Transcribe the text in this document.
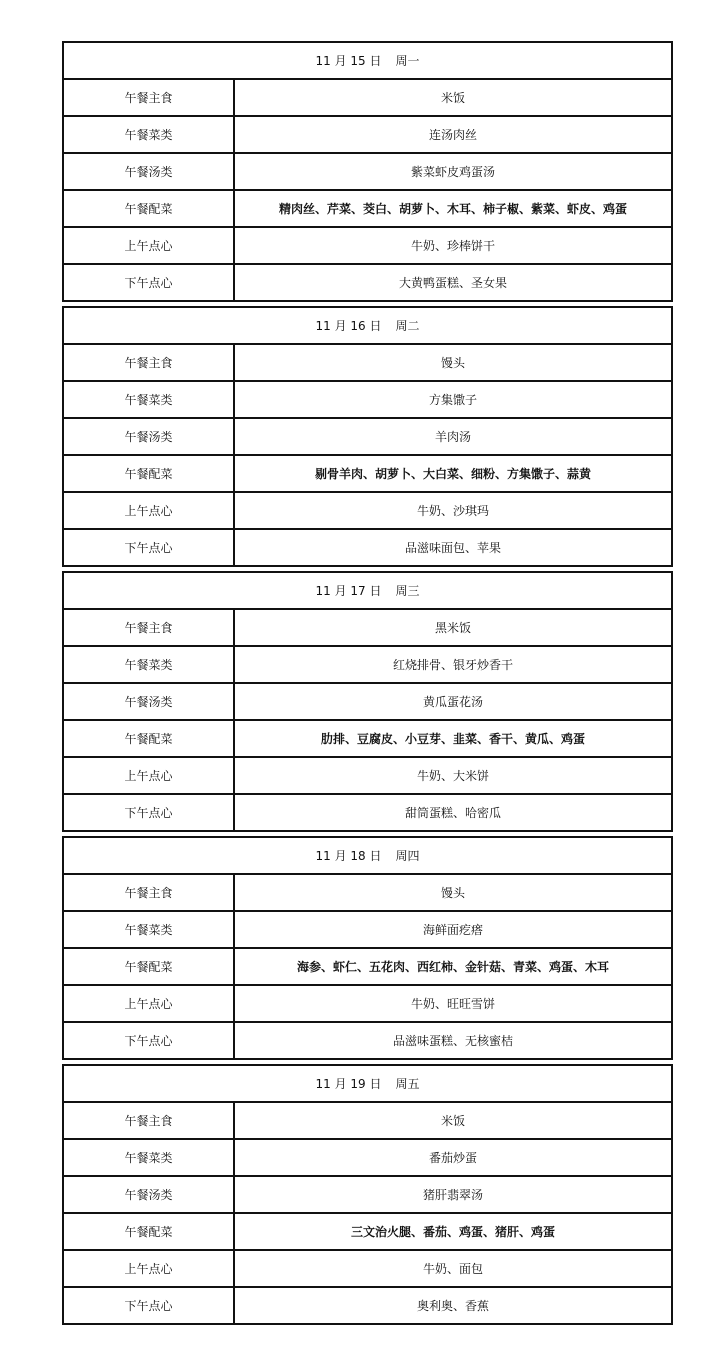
11 月 15 日 周一
午餐主食	米饭
午餐菜类	连汤肉丝
午餐汤类	紫菜虾皮鸡蛋汤
午餐配菜	精肉丝、芹菜、茭白、胡萝卜、木耳、柿子椒、紫菜、虾皮、鸡蛋
上午点心	牛奶、珍棒饼干
下午点心	大黄鸭蛋糕、圣女果
11 月 16 日 周二
午餐主食	馒头
午餐菜类	方集馓子
午餐汤类	羊肉汤
午餐配菜	剔骨羊肉、胡萝卜、大白菜、细粉、方集馓子、蒜黄
上午点心	牛奶、沙琪玛
下午点心	品滋味面包、苹果
11 月 17 日 周三
午餐主食	黑米饭
午餐菜类	红烧排骨、银牙炒香干
午餐汤类	黄瓜蛋花汤
午餐配菜	肋排、豆腐皮、小豆芽、韭菜、香干、黄瓜、鸡蛋
上午点心	牛奶、大米饼
下午点心	甜筒蛋糕、哈密瓜
11 月 18 日 周四
午餐主食	馒头
午餐菜类	海鲜面疙瘩
午餐配菜	海参、虾仁、五花肉、西红柿、金针菇、青菜、鸡蛋、木耳
上午点心	牛奶、旺旺雪饼
下午点心	品滋味蛋糕、无核蜜桔
11 月 19 日 周五
午餐主食	米饭
午餐菜类	番茄炒蛋
午餐汤类	猪肝翡翠汤
午餐配菜	三文治火腿、番茄、鸡蛋、猪肝、鸡蛋
上午点心	牛奶、面包
下午点心	奥利奥、香蕉
